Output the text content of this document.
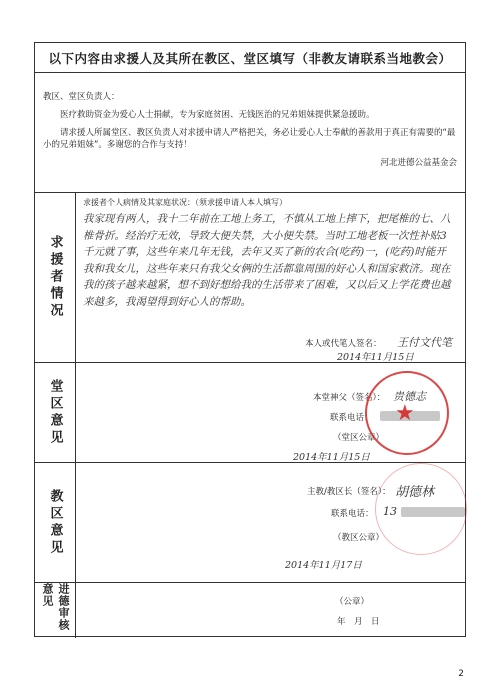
以下内容由求援人及其所在教区、堂区填写（非教友请联系当地教会）
教区、堂区负责人：

医疗救助资金为爱心人士捐献，专为家庭贫困、无钱医治的兄弟姐妹提供紧急援助。

请求援人所属堂区、教区负责人对求援申请人严格把关，务必让爱心人士奉献的善款用于真正有需要的“最小的兄弟姐妹”。多谢您的合作与支持！

河北进德公益基金会
求援者情况
求援者个人病情及其家庭状况：（须求援申请人本人填写）
我家现有两人，我十二年前在工地上务工，不慎从工地上摔下，把尾椎的七、八椎骨折。经治疗无效，导致大便失禁，大小便失禁。当时工地老板一次性补贴3千元就了事，这些年来几年无钱，去年又买了新的农合(吃药)一，(吃药)时能开我和我女儿，这些年来只有我父女俩的生活都靠周围的好心人和国家救济。现在我的孩子越来越紧，想不到好想给我的生活带来了困难，又以后又上学花费也越来越多，我渴望得到好心人的帮助。
本人或代笔人签名： 王付文代笔
2014年11月15日
堂区意见	本堂神父（签名）： 贵德志
联系电话：
（堂区公章）
2014年11月15日
★
教区意见	主教/教区长（签名）： 胡德林
联系电话： 13
（教区公章）
2014年11月17日
进德审核意见	（公章）
年　月　日
2
